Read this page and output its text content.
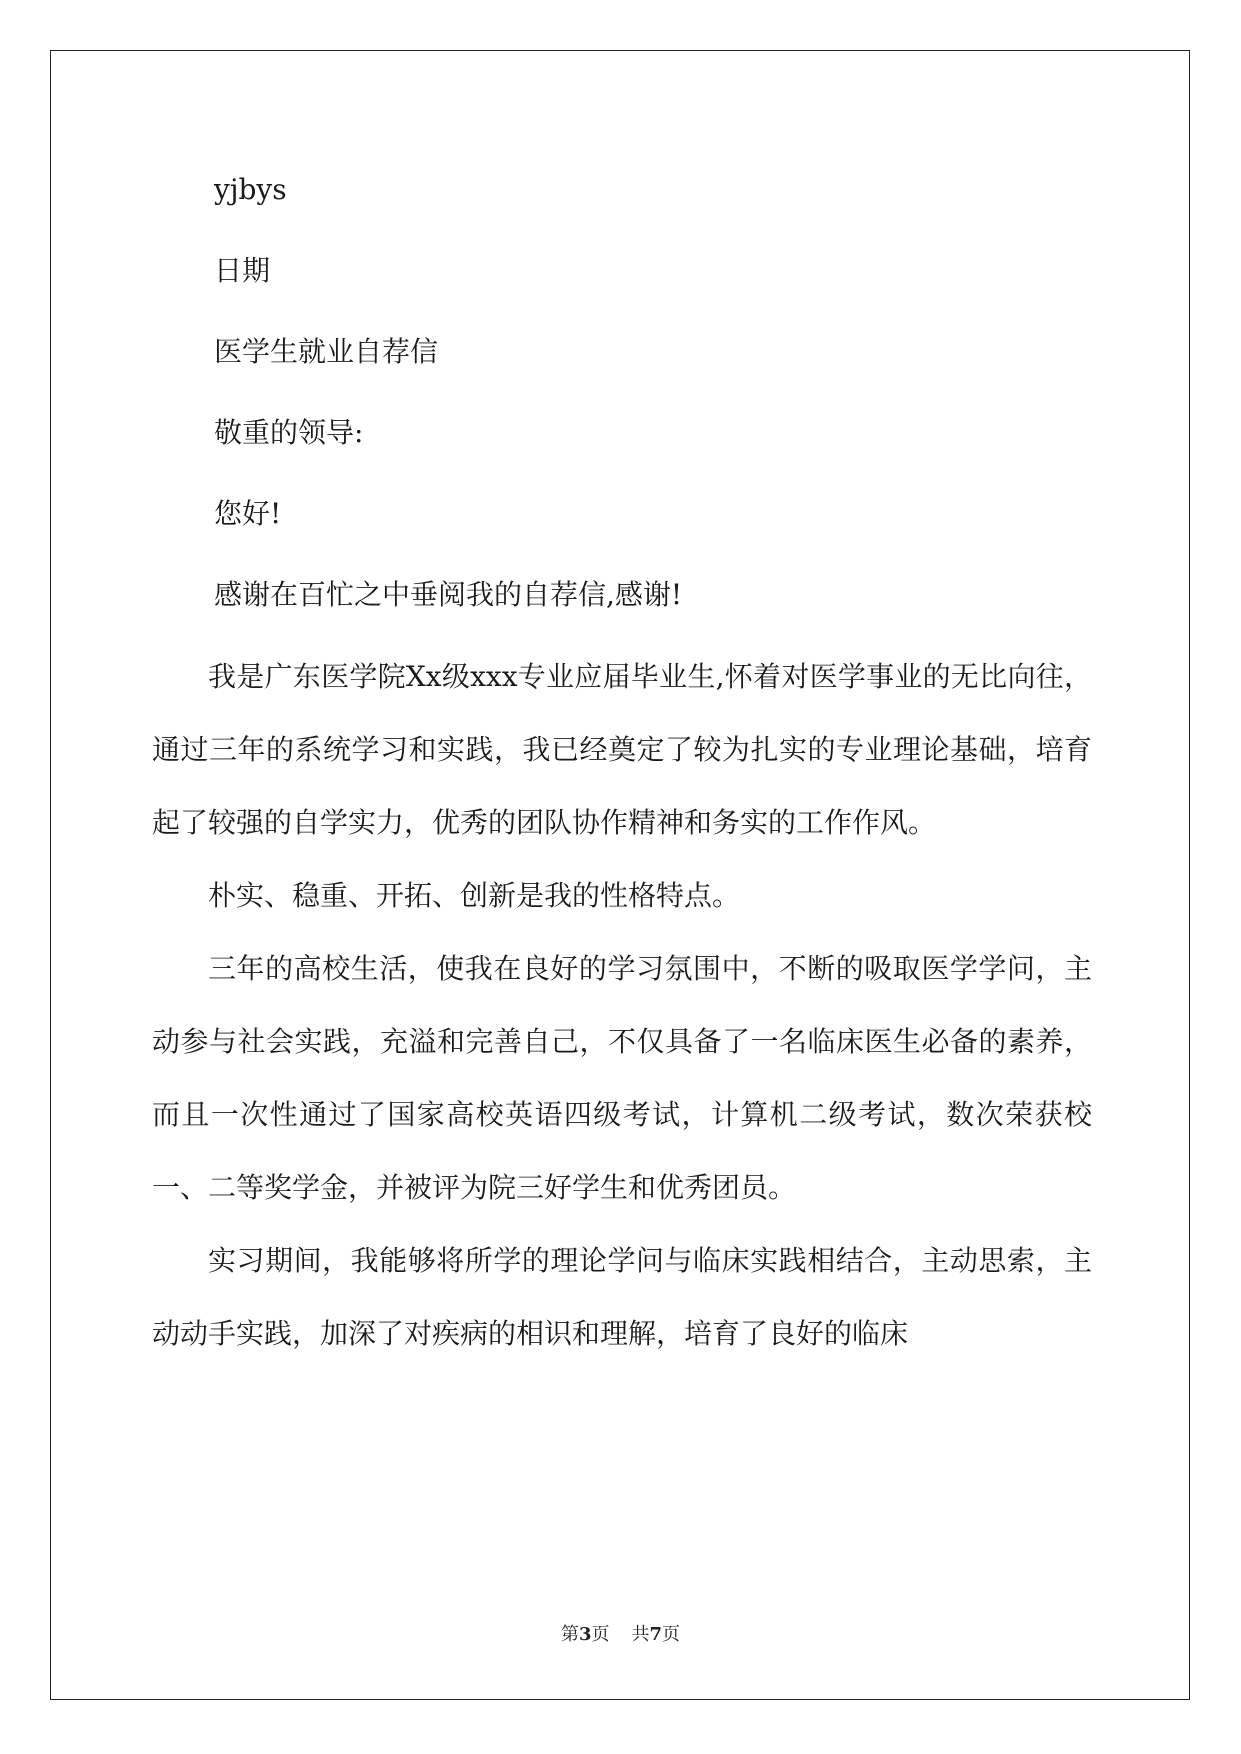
yjbys
日期
医学生就业自荐信
敬重的领导:
您好!
感谢在百忙之中垂阅我的自荐信,感谢!
我是广东医学院Xx级xxx专业应届毕业生,怀着对医学事业的无比向往，通过三年的系统学习和实践，我已经奠定了较为扎实的专业理论基础，培育起了较强的自学实力，优秀的团队协作精神和务实的工作作风。
朴实、稳重、开拓、创新是我的性格特点。
三年的高校生活，使我在良好的学习氛围中，不断的吸取医学学问，主动参与社会实践，充溢和完善自己，不仅具备了一名临床医生必备的素养，而且一次性通过了国家高校英语四级考试，计算机二级考试，数次荣获校一、二等奖学金，并被评为院三好学生和优秀团员。
实习期间，我能够将所学的理论学问与临床实践相结合，主动思索，主动动手实践，加深了对疾病的相识和理解，培育了良好的临床
第3页 共7页
